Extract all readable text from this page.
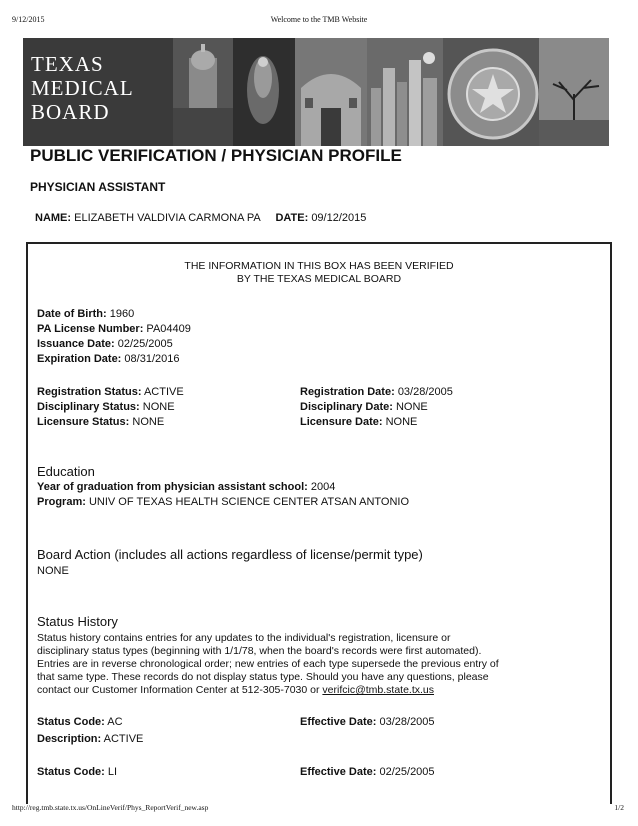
9/12/2015	Welcome to the TMB Website
TEXAS
MEDICAL
BOARD
PUBLIC VERIFICATION / PHYSICIAN PROFILE
PHYSICIAN ASSISTANT
NAME: ELIZABETH VALDIVIA CARMONA PA DATE: 09/12/2015
THE INFORMATION IN THIS BOX HAS BEEN VERIFIED
BY THE TEXAS MEDICAL BOARD
Date of Birth: 1960
PA License Number: PA04409
Issuance Date: 02/25/2005
Expiration Date: 08/31/2016
Registration Status: ACTIVE	Registration Date: 03/28/2005
Disciplinary Status: NONE	Disciplinary Date: NONE
Licensure Status: NONE	Licensure Date: NONE
Education
Year of graduation from physician assistant school: 2004
Program: UNIV OF TEXAS HEALTH SCIENCE CENTER ATSAN ANTONIO
Board Action (includes all actions regardless of license/permit type)
NONE
Status History
Status history contains entries for any updates to the individual's registration, licensure or
disciplinary status types (beginning with 1/1/78, when the board's records were first automated).
Entries are in reverse chronological order; new entries of each type supersede the previous entry of
that same type. These records do not display status type. Should you have any questions, please
contact our Customer Information Center at 512-305-7030 or verifcic@tmb.state.tx.us
Status Code: AC	Effective Date: 03/28/2005
Description: ACTIVE
Status Code: LI	Effective Date: 02/25/2005
http://reg.tmb.state.tx.us/OnLineVerif/Phys_ReportVerif_new.asp	1/2
